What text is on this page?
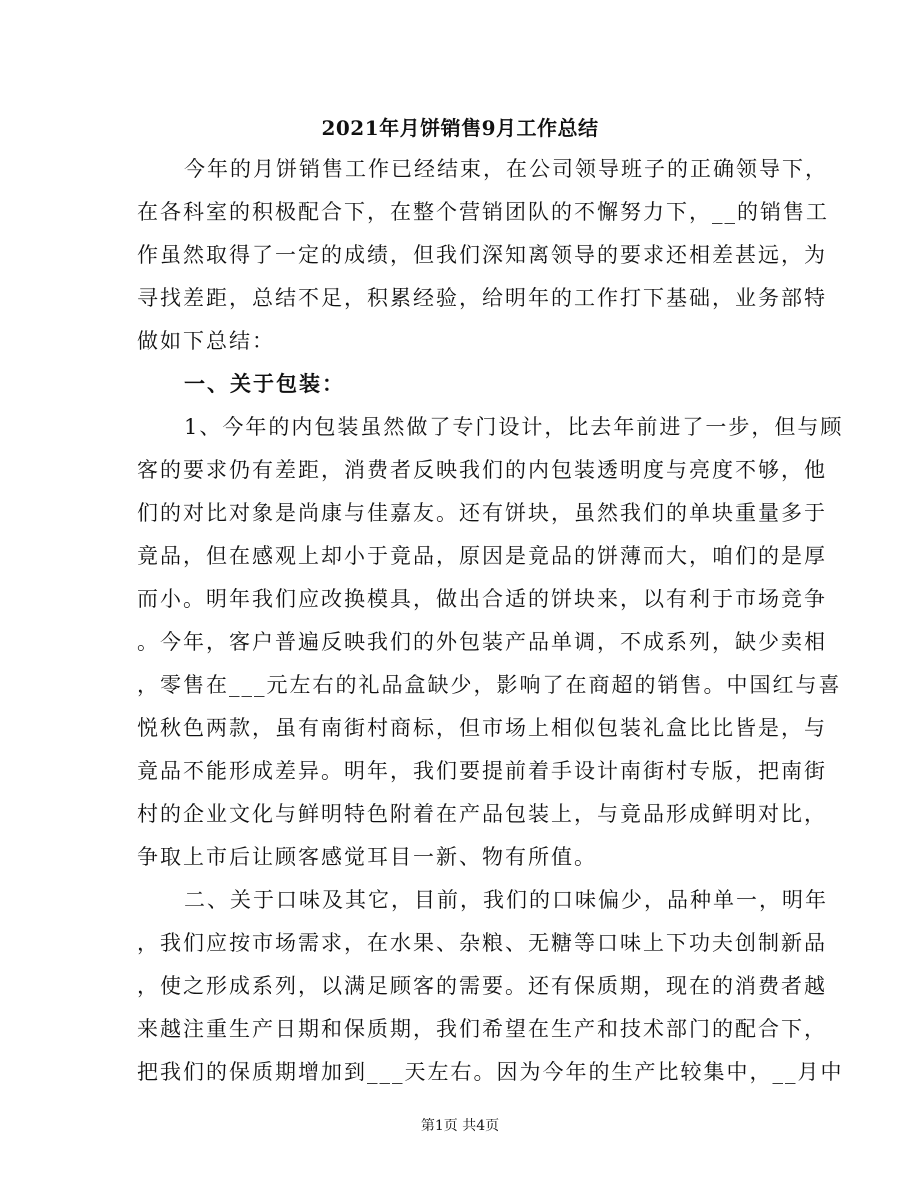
2021年月饼销售9月工作总结
今年的月饼销售工作已经结束，在公司领导班子的正确领导下，
在各科室的积极配合下，在整个营销团队的不懈努力下，__的销售工
作虽然取得了一定的成绩，但我们深知离领导的要求还相差甚远，为
寻找差距，总结不足，积累经验，给明年的工作打下基础，业务部特
做如下总结：
一、关于包装：
1、今年的内包装虽然做了专门设计，比去年前进了一步，但与顾
客的要求仍有差距，消费者反映我们的内包装透明度与亮度不够，他
们的对比对象是尚康与佳嘉友。还有饼块，虽然我们的单块重量多于
竟品，但在感观上却小于竟品，原因是竟品的饼薄而大，咱们的是厚
而小。明年我们应改换模具，做出合适的饼块来，以有利于市场竞争
。今年，客户普遍反映我们的外包装产品单调，不成系列，缺少卖相
，零售在___元左右的礼品盒缺少，影响了在商超的销售。中国红与喜
悦秋色两款，虽有南街村商标，但市场上相似包装礼盒比比皆是，与
竟品不能形成差异。明年，我们要提前着手设计南街村专版，把南街
村的企业文化与鲜明特色附着在产品包装上，与竟品形成鲜明对比，
争取上市后让顾客感觉耳目一新、物有所值。
二、关于口味及其它，目前，我们的口味偏少，品种单一，明年
，我们应按市场需求，在水果、杂粮、无糖等口味上下功夫创制新品
，使之形成系列，以满足顾客的需要。还有保质期，现在的消费者越
来越注重生产日期和保质期，我们希望在生产和技术部门的配合下，
把我们的保质期增加到___天左右。因为今年的生产比较集中，__月中
第1页 共4页
